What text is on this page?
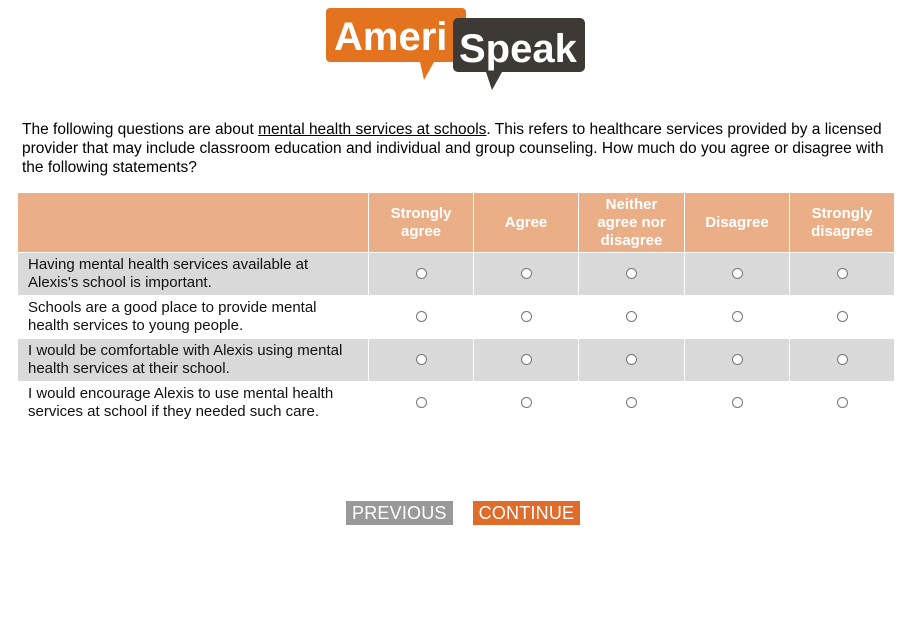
Ameri Speak
The following questions are about mental health services at schools. This refers to healthcare services provided by a licensed provider that may include classroom education and individual and group counseling. How much do you agree or disagree with the following statements?
	Strongly agree	Agree	Neither agree nor disagree	Disagree	Strongly disagree
Having mental health services available at Alexis's school is important.					
Schools are a good place to provide mental health services to young people.					
I would be comfortable with Alexis using mental health services at their school.					
I would encourage Alexis to use mental health services at school if they needed such care.					
PREVIOUS	CONTINUE
